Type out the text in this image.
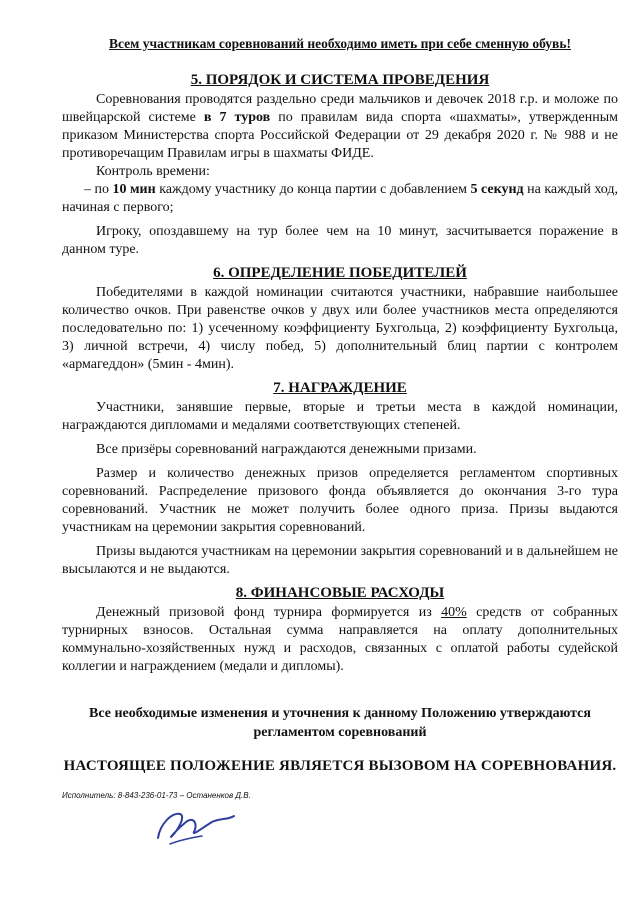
Всем участникам соревнований необходимо иметь при себе сменную обувь!
5. ПОРЯДОК И СИСТЕМА ПРОВЕДЕНИЯ

Соревнования проводятся раздельно среди мальчиков и девочек 2018 г.р. и моложе по швейцарской системе в 7 туров по правилам вида спорта «шахматы», утвержденным приказом Министерства спорта Российской Федерации от 29 декабря 2020 г. № 988 и не противоречащим Правилам игры в шахматы ФИДЕ.

Контроль времени:

– по 10 мин каждому участнику до конца партии с добавлением 5 секунд на каждый ход, начиная с первого;

Игроку, опоздавшему на тур более чем на 10 минут, засчитывается поражение в данном туре.

6. ОПРЕДЕЛЕНИЕ ПОБЕДИТЕЛЕЙ

Победителями в каждой номинации считаются участники, набравшие наибольшее количество очков. При равенстве очков у двух или более участников места определяются последовательно по: 1) усеченному коэффициенту Бухгольца, 2) коэффициенту Бухгольца, 3) личной встречи, 4) числу побед, 5) дополнительный блиц партии с контролем «армагеддон» (5мин - 4мин).

7. НАГРАЖДЕНИЕ

Участники, занявшие первые, вторые и третьи места в каждой номинации, награждаются дипломами и медалями соответствующих степеней.

Все призёры соревнований награждаются денежными призами.

Размер и количество денежных призов определяется регламентом спортивных соревнований. Распределение призового фонда объявляется до окончания 3-го тура соревнований. Участник не может получить более одного приза. Призы выдаются участникам на церемонии закрытия соревнований.

Призы выдаются участникам на церемонии закрытия соревнований и в дальнейшем не высылаются и не выдаются.

8. ФИНАНСОВЫЕ РАСХОДЫ

Денежный призовой фонд турнира формируется из 40% средств от собранных турнирных взносов. Остальная сумма направляется на оплату дополнительных коммунально-хозяйственных нужд и расходов, связанных с оплатой работы судейской коллегии и награждением (медали и дипломы).

Все необходимые изменения и уточнения к данному Положению утверждаются регламентом соревнований
НАСТОЯЩЕЕ ПОЛОЖЕНИЕ ЯВЛЯЕТСЯ ВЫЗОВОМ НА СОРЕВНОВАНИЯ.
Исполнитель: 8-843-236-01-73 – Останенков Д.В.
